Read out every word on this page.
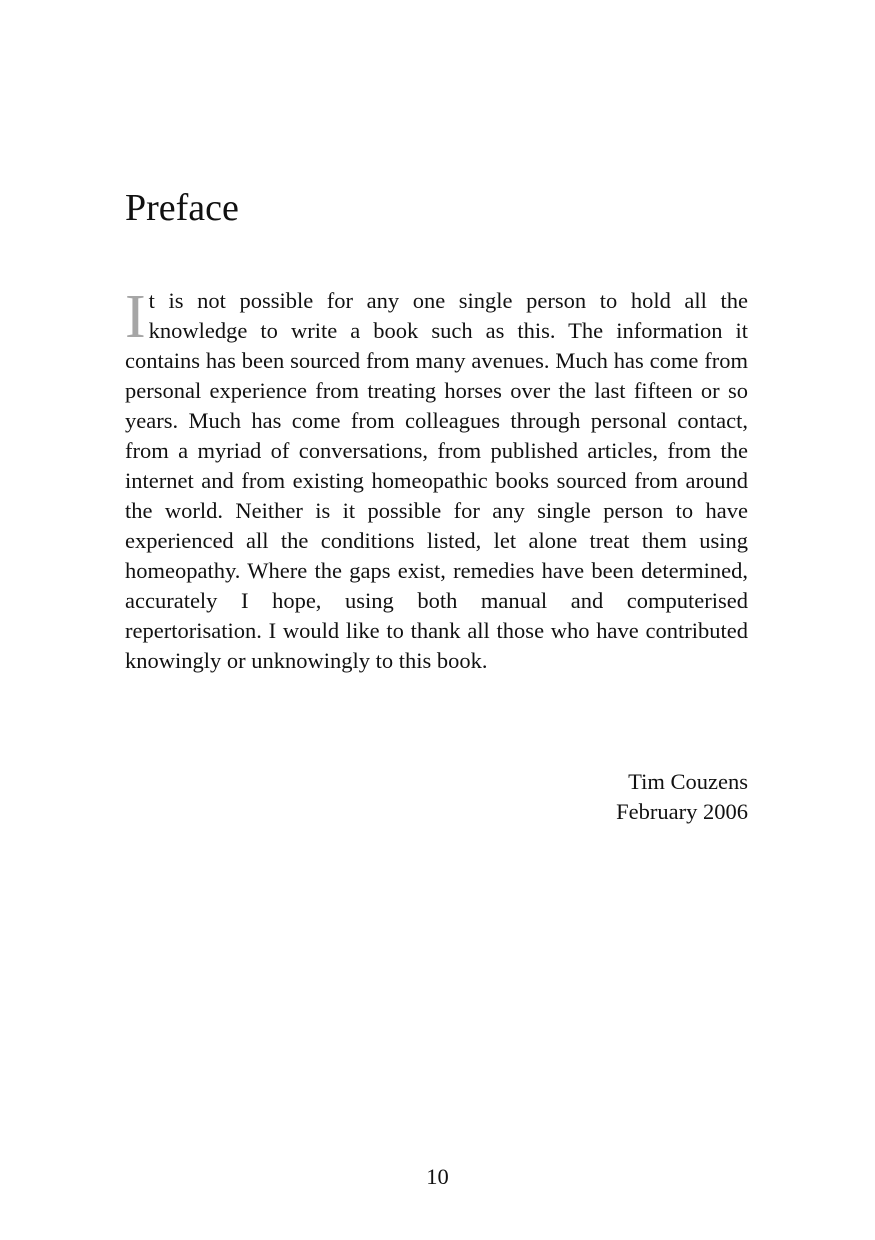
Preface

It is not possible for any one single person to hold all the knowledge to write a book such as this. The information it contains has been sourced from many avenues. Much has come from personal experience from treating horses over the last fifteen or so years. Much has come from colleagues through personal contact, from a myriad of conversations, from published articles, from the internet and from existing homeopathic books sourced from around the world. Neither is it possible for any single person to have experienced all the conditions listed, let alone treat them using homeopathy. Where the gaps exist, remedies have been determined, accurately I hope, using both manual and computerised repertorisation. I would like to thank all those who have contributed knowingly or unknowingly to this book.

Tim Couzens
February 2006
10
